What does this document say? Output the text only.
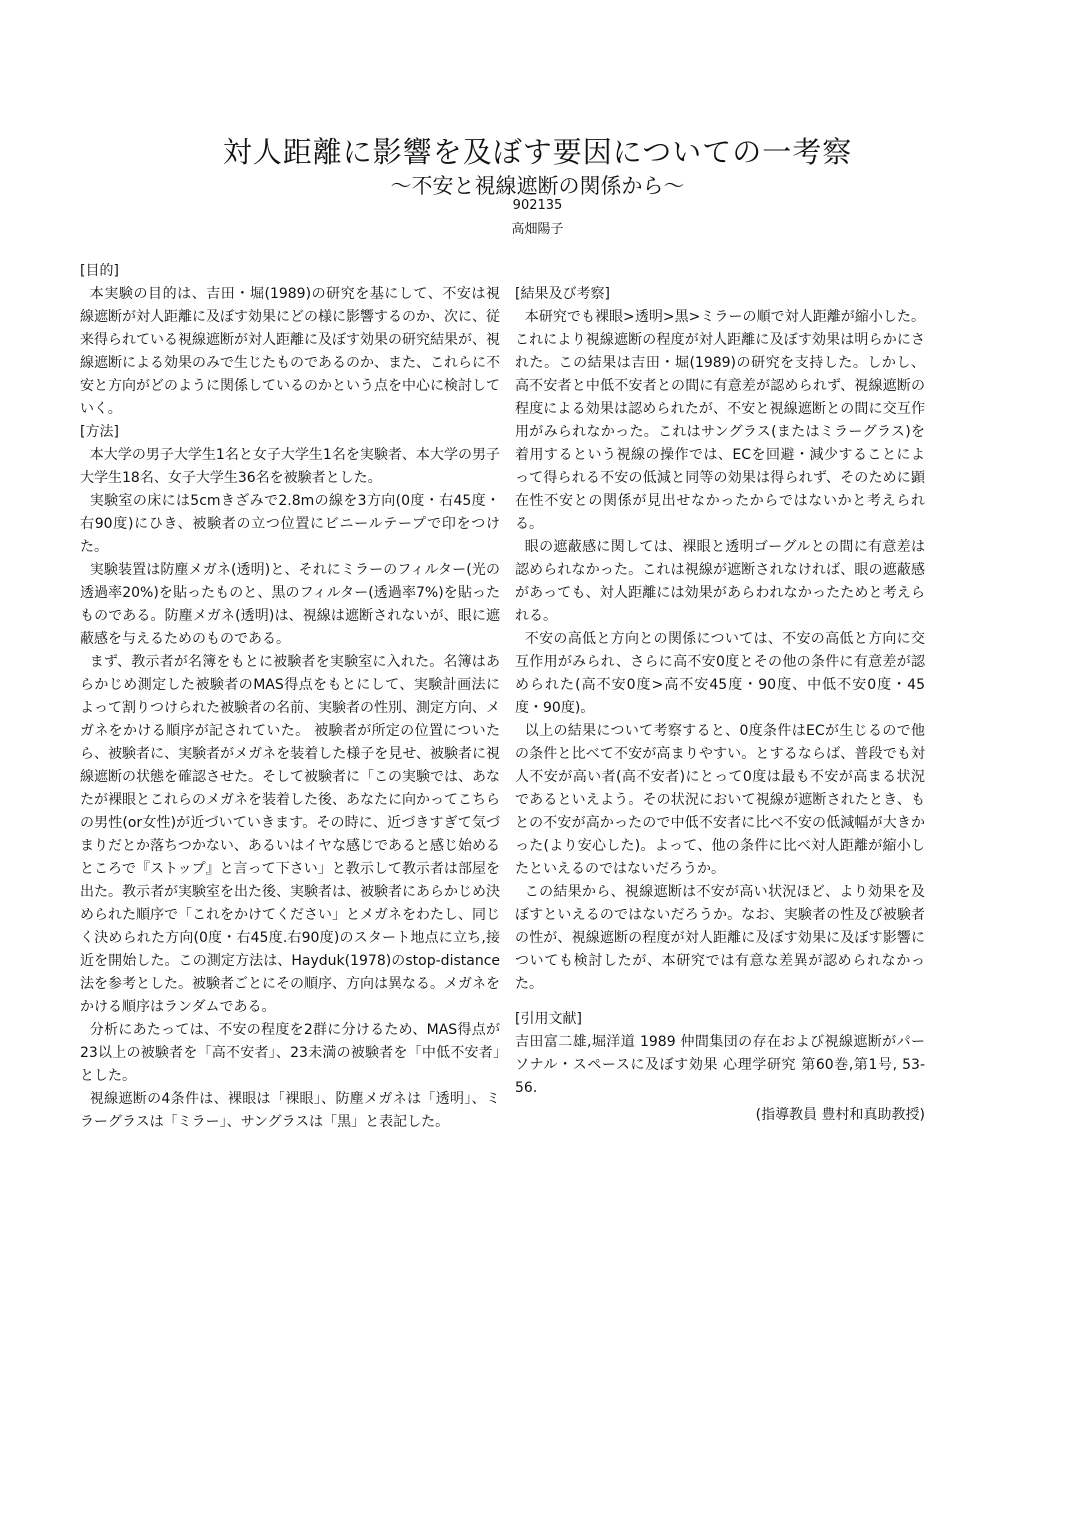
対人距離に影響を及ぼす要因についての一考察
～不安と視線遮断の関係から～
902135
高畑陽子

[目的]

本実験の目的は、吉田・堀(1989)の研究を基にして、不安は視線遮断が対人距離に及ぼす効果にどの様に影響するのか、次に、従来得られている視線遮断が対人距離に及ぼす効果の研究結果が、視線遮断による効果のみで生じたものであるのか、また、これらに不安と方向がどのように関係しているのかという点を中心に検討していく。

[方法]

本大学の男子大学生1名と女子大学生1名を実験者、本大学の男子大学生18名、女子大学生36名を被験者とした。

実験室の床には5cmきざみで2.8mの線を3方向(0度・右45度・右90度)にひき、被験者の立つ位置にビニールテープで印をつけた。

実験装置は防塵メガネ(透明)と、それにミラーのフィルター(光の透過率20%)を貼ったものと、黒のフィルター(透過率7%)を貼ったものである。防塵メガネ(透明)は、視線は遮断されないが、眼に遮蔽感を与えるためのものである。

まず、教示者が名簿をもとに被験者を実験室に入れた。名簿はあらかじめ測定した被験者のMAS得点をもとにして、実験計画法によって割りつけられた被験者の名前、実験者の性別、測定方向、メガネをかける順序が記されていた。 被験者が所定の位置についたら、被験者に、実験者がメガネを装着した様子を見せ、被験者に視線遮断の状態を確認させた。そして被験者に「この実験では、あなたが裸眼とこれらのメガネを装着した後、あなたに向かってこちらの男性(or女性)が近づいていきます。その時に、近づきすぎて気づまりだとか落ちつかない、あるいはイヤな感じであると感じ始めるところで『ストップ』と言って下さい」と教示して教示者は部屋を出た。教示者が実験室を出た後、実験者は、被験者にあらかじめ決められた順序で「これをかけてください」とメガネをわたし、同じく決められた方向(0度・右45度.右90度)のスタート地点に立ち,接近を開始した。この測定方法は、Hayduk(1978)のstop-distance法を参考とした。被験者ごとにその順序、方向は異なる。メガネをかける順序はランダムである。

分析にあたっては、不安の程度を2群に分けるため、MAS得点が23以上の被験者を「高不安者」、23未満の被験者を「中低不安者」とした。

視線遮断の4条件は、裸眼は「裸眼」、防塵メガネは「透明」、ミラーグラスは「ミラー」、サングラスは「黒」と表記した。

[結果及び考察]

本研究でも裸眼>透明>黒>ミラーの順で対人距離が縮小した。これにより視線遮断の程度が対人距離に及ぼす効果は明らかにされた。この結果は吉田・堀(1989)の研究を支持した。しかし、高不安者と中低不安者との間に有意差が認められず、視線遮断の程度による効果は認められたが、不安と視線遮断との間に交互作用がみられなかった。これはサングラス(またはミラーグラス)を着用するという視線の操作では、ECを回避・減少することによって得られる不安の低減と同等の効果は得られず、そのために顕在性不安との関係が見出せなかったからではないかと考えられる。

眼の遮蔽感に関しては、裸眼と透明ゴーグルとの間に有意差は認められなかった。これは視線が遮断されなければ、眼の遮蔽感があっても、対人距離には効果があらわれなかったためと考えられる。

不安の高低と方向との関係については、不安の高低と方向に交互作用がみられ、さらに高不安0度とその他の条件に有意差が認められた(高不安0度>高不安45度・90度、中低不安0度・45度・90度)。

以上の結果について考察すると、0度条件はECが生じるので他の条件と比べて不安が高まりやすい。とするならば、普段でも対人不安が高い者(高不安者)にとって0度は最も不安が高まる状況であるといえよう。その状況において視線が遮断されたとき、もとの不安が高かったので中低不安者に比べ不安の低減幅が大きかった(より安心した)。よって、他の条件に比べ対人距離が縮小したといえるのではないだろうか。

この結果から、視線遮断は不安が高い状況ほど、より効果を及ぼすといえるのではないだろうか。なお、実験者の性及び被験者の性が、視線遮断の程度が対人距離に及ぼす効果に及ぼす影響についても検討したが、本研究では有意な差異が認められなかった。

[引用文献]

吉田富二雄,堀洋道 1989 仲間集団の存在および視線遮断がパーソナル・スペースに及ぼす効果 心理学研究 第60巻,第1号, 53-56.

(指導教員 豊村和真助教授)
